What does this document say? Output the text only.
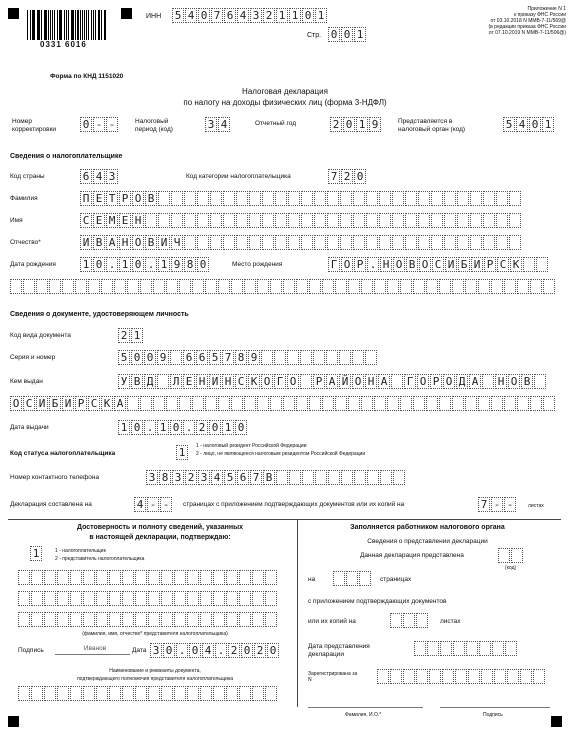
0331 6016
ИНН 5 4 0 7 6 4 3 2 1 1 0 1
Стр. 0 0 1
Приложение N 1
к приказу ФНС России
от 03.10.2018 N ММВ-7-11/569@
(в редакции приказа ФНС России
от 07.10.2019 N ММВ-7-11/506@)
Форма по КНД 1151020
Налоговая декларация
по налогу на доходы физических лиц (форма 3-НДФЛ)
Номер
корректировки 0 - -	Налоговый
период (код)	3 4	Отчетный год	2 0 1 9	Представляется в
налоговый орган (код)	5 4 0 1
Сведения о налогоплательщике
Код страны	6 4 3	Код категории налогоплательщика	7 2 0
Фамилия	П Е Т Р О В
Имя	С Е М Е Н
Отчество*	И В А Н О В И Ч
Дата рождения 1 0 . 1 0 . 1 9 8 0	Место рождения	Г О Р . Н О В О С И Б И Р С К
Сведения о документе, удостоверяющем личность
Код вида документа	2 1
Серия и номер	5 0 0 9 6 6 5 7 8 9
Кем выдан	У В Д Л Е Н И Н С К О Г О Р А Й О Н А Г О Р О Д А Н О В
О С И Б И Р С К А
Дата выдачи	1 0 . 1 0 . 2 0 1 0
Код статуса налогоплательщика	1	1 - налоговый резидент Российской Федерации
2 - лицо, не являющееся налоговым резидентом Российской Федерации
Номер контактного телефона	3 8 3 2 3 4 5 6 7 B
Декларация составлена на	4 - -	страницах с приложением подтверждающих документов или их копий на	7 - -	листах
Достоверность и полноту сведений, указанных
в настоящей декларации, подтверждаю:
1	1 - налогоплательщик
2 - представитель налогоплательщика
(фамилия, имя, отчество* представителя налогоплательщика)
Подпись	Иванов	Дата 3 0 . 0 4 . 2 0 2 0
Наименование и реквизиты документа,
подтверждающего полномочия представителя налогоплательщика
Заполняется работником налогового органа
Сведения о представлении декларации
Данная декларация представлена
(код)
на	страницах
с приложением подтверждающих документов
или их копий на	листах
Дата представления
декларации
Зарегистрирована за
N
Фамилия, И.О.*	Подпись
